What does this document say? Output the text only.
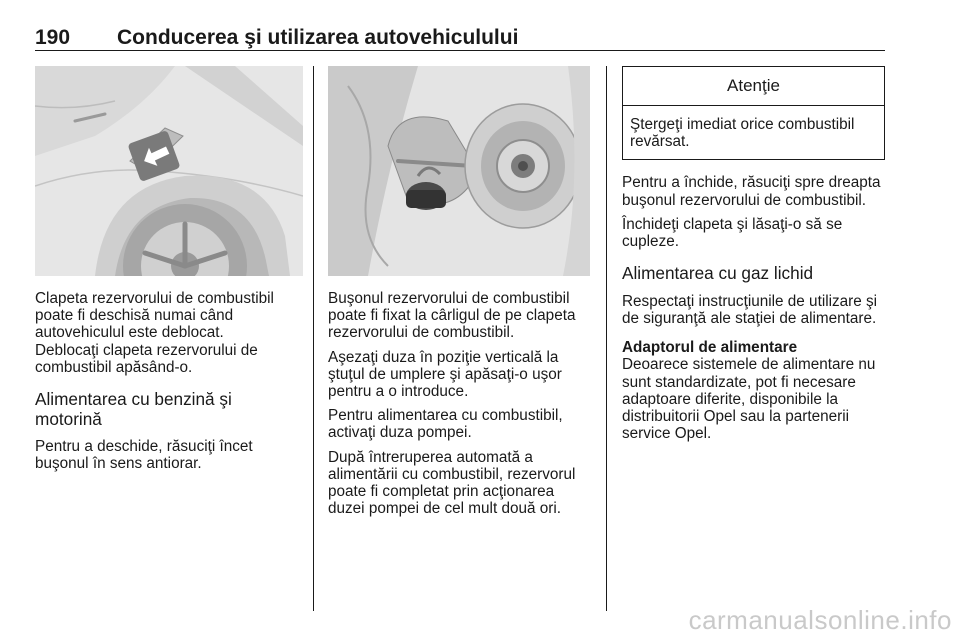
190 Conducerea şi utilizarea autovehiculului

Clapeta rezervorului de combustibil poate fi deschisă numai când autovehiculul este deblocat.

Deblocaţi clapeta rezervorului de combustibil apăsând-o.

Alimentarea cu benzină şi motorină

Pentru a deschide, răsuciţi încet buşonul în sens antiorar.

Buşonul rezervorului de combustibil poate fi fixat la cârligul de pe clapeta rezervorului de combustibil.

Aşezaţi duza în poziţie verticală la ştuţul de umplere şi apăsaţi-o uşor pentru a o introduce.

Pentru alimentarea cu combustibil, activaţi duza pompei.

După întreruperea automată a alimentării cu combustibil, rezervorul poate fi completat prin acţionarea duzei pompei de cel mult două ori.

Atenţie
Ştergeţi imediat orice combustibil revărsat.

Pentru a închide, răsuciţi spre dreapta buşonul rezervorului de combustibil.

Închideţi clapeta şi lăsaţi-o să se cupleze.

Alimentarea cu gaz lichid

Respectaţi instrucţiunile de utilizare şi de siguranţă ale staţiei de alimentare.

Adaptorul de alimentare

Deoarece sistemele de alimentare nu sunt standardizate, pot fi necesare adaptoare diferite, disponibile la distribuitorii Opel sau la partenerii service Opel.

carmanualsonline.info
